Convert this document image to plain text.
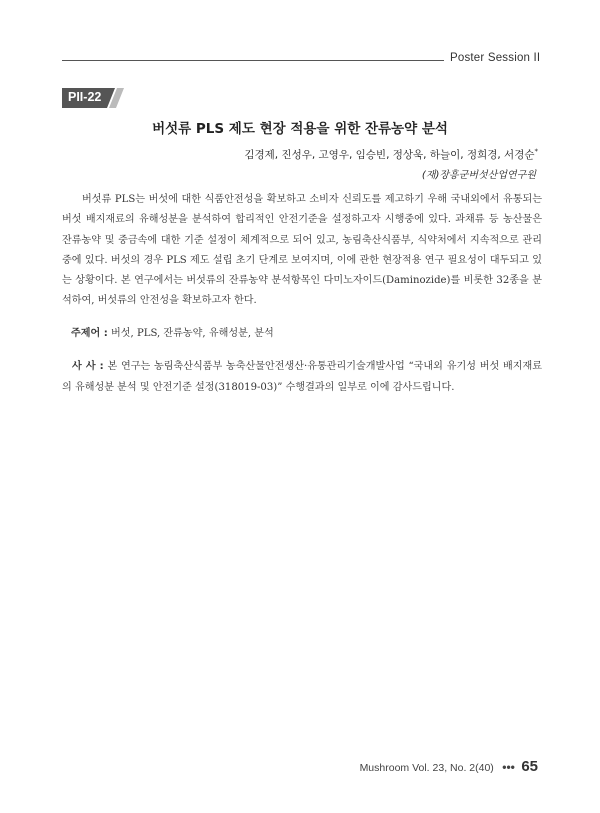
Poster Session II
PII-22
버섯류 PLS 제도 현장 적용을 위한 잔류농약 분석
김경제, 진성우, 고영우, 임승빈, 정상욱, 하늘이, 정희경, 서경순*
(재)장흥군버섯산업연구원

버섯류 PLS는 버섯에 대한 식품안전성을 확보하고 소비자 신뢰도를 제고하기 우해 국내외에서 유통되는 버섯 배지재료의 유해성분을 분석하여 합리적인 안전기준을 설정하고자 시행중에 있다. 과채류 등 농산물은 잔류농약 및 중금속에 대한 기준 설정이 체계적으로 되어 있고, 농림축산식품부, 식약처에서 지속적으로 관리 중에 있다. 버섯의 경우 PLS 제도 설립 초기 단계로 보여지며, 이에 관한 현장적용 연구 필요성이 대두되고 있는 상황이다. 본 연구에서는 버섯류의 잔류농약 분석항목인 다미노자이드(Daminozide)를 비롯한 32종을 분석하여, 버섯류의 안전성을 확보하고자 한다.

주제어 : 버섯, PLS, 잔류농약, 유해성분, 분석

사 사 : 본 연구는 농림축산식품부 농축산물안전생산·유통관리기술개발사업 “국내외 유기성 버섯 배지재료의 유해성분 분석 및 안전기준 설정(318019-03)” 수행결과의 일부로 이에 감사드립니다.

Mushroom Vol. 23, No. 2(40) ••• 65
